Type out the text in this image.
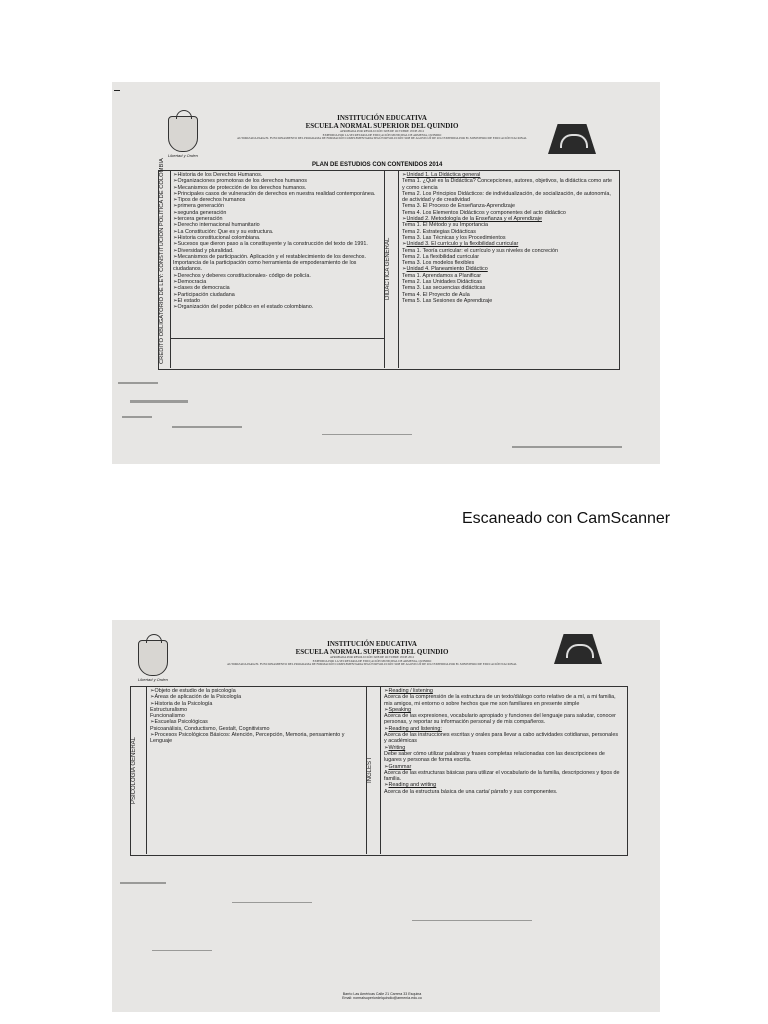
Libertad y Orden
INSTITUCIÓN EDUCATIVA
ESCUELA NORMAL SUPERIOR DEL QUINDIO
APROBADA POR RESOLUCIÓN 3208 DE OCTUBRE 18 DE 2012
EXPEDIDA POR LA SECRETARIA DE EDUCACIÓN MUNICIPAL DE ARMENIA, QUINDIO
AUTORIZADA PARA EL FUNCIONAMIENTO DEL PROGRAMA DE FORMACIÓN COMPLEMENTARIA SEGÚN RESOLUCIÓN 3208 DE AGOSTO 20 DE 2012 EXPEDIDA POR EL MINISTERIO DE EDUCACIÓN NACIONAL
PLAN DE ESTUDIOS CON CONTENIDOS 2014
CREDITO OBLIGATORIO DE LEY: CONSTITUCION POLITICA DE COLOMBIA	DIDÁCTICA GENERAL
➢ Historia de los Derechos Humanos.
➢ Organizaciones promotoras de los derechos humanos
➢ Mecanismos de protección de los derechos humanos.
➢ Principales casos de vulneración de derechos en nuestra realidad contemporánea.
➢ Tipos de derechos humanos
➢ primera generación
➢ segunda generación
➢ tercera generación
➢ Derecho internacional humanitario
➢ La Constitución: Que es y su estructura.
➢ Historia constitucional colombiana.
➢ Sucesos que dieron paso a la constituyente y la construcción del texto de 1991.
➢ Diversidad y pluralidad.
➢ Mecanismos de participación. Aplicación y el restablecimiento de los derechos. Importancia de la participación como herramienta de empoderamiento de los ciudadanos.
➢ Derechos y deberes constitucionales- código de policía.
➢ Democracia
➢ clases de democracia
➢ Participación ciudadana
➢ El estado
➢ Organización del poder público en el estado colombiano.
➢ Unidad 1. La Didáctica general
Tema 1. ¿Qué es la Didáctica? Concepciones, autores, objetivos, la didáctica como arte y como ciencia
Tema 2. Los Principios Didácticos: de individualización, de socialización, de autonomía, de actividad y de creatividad
Tema 3. El Proceso de Enseñanza-Aprendizaje
Tema 4. Los Elementos Didácticos y componentes del acto didáctico
➢ Unidad 2. Metodología de la Enseñanza y el Aprendizaje
Tema 1. El Método y su Importancia
Tema 2. Estrategias Didácticas
Tema 3. Las Técnicas y los Procedimientos
➢ Unidad 3. El currículo y la flexibilidad curricular
Tema 1. Teoría curricular: el currículo y sus niveles de concreción
Tema 2. La flexibilidad curricular
Tema 3. Los modelos flexibles
➢ Unidad 4. Planeamiento Didáctico
Tema 1. Aprendamos a Planificar
Tema 2. Las Unidades Didácticas
Tema 3. Las secuencias didácticas
Tema 4. El Proyecto de Aula
Tema 5. Las Sesiones de Aprendizaje
Escaneado con CamScanner
Libertad y Orden
INSTITUCIÓN EDUCATIVA
ESCUELA NORMAL SUPERIOR DEL QUINDIO
APROBADA POR RESOLUCIÓN 3208 DE OCTUBRE 18 DE 2012
EXPEDIDA POR LA SECRETARIA DE EDUCACIÓN MUNICIPAL DE ARMENIA, QUINDIO
AUTORIZADA PARA EL FUNCIONAMIENTO DEL PROGRAMA DE FORMACIÓN COMPLEMENTARIA SEGÚN RESOLUCIÓN 3208 DE AGOSTO 20 DE 2012 EXPEDIDA POR EL MINISTERIO DE EDUCACIÓN NACIONAL
PSICOLOGÍA GENERAL	INGLES I
➢ Objeto de estudio de la psicología
➢ Áreas de aplicación de la Psicología
➢ Historia de la Psicología
Estructuralismo
Funcionalismo
➢ Escuelas Psicológicas
Psicoanálisis, Conductismo, Gestalt, Cognitivismo
➢ Procesos Psicológicos Básicos: Atención, Percepción, Memoria, pensamiento y Lenguaje
➢ Reading / listening
Acerca de la comprensión de la estructura de un texto/diálogo corto relativo de a mí, a mi familia, mis amigos, mi entorno o sobre hechos que me son familiares en presente simple
➢ Speaking
Acerca de las expresiones, vocabulario apropiado y funciones del lenguaje para saludar, conocer personas, y reportar su información personal y de mis compañeros.
➢ Reading and listening:
Acerca de las instrucciones escritas y orales para llevar a cabo actividades cotidianas, personales y académicas
➢ Writing
Debe saber cómo utilizar palabras y frases completas relacionadas con las descripciones de lugares y personas de forma escrita.
➢ Grammar
Acerca de las estructuras básicas para utilizar el vocabulario de la familia, descripciones y tipos de familia.
➢ Reading and writing
Acerca de la estructura básica de una carta/ párrafo y sus componentes.
Barrio Las Américas Calle 21 Carrera 33 Esquina
Email: normalsuperiordelquindio@armenia.edu.co
